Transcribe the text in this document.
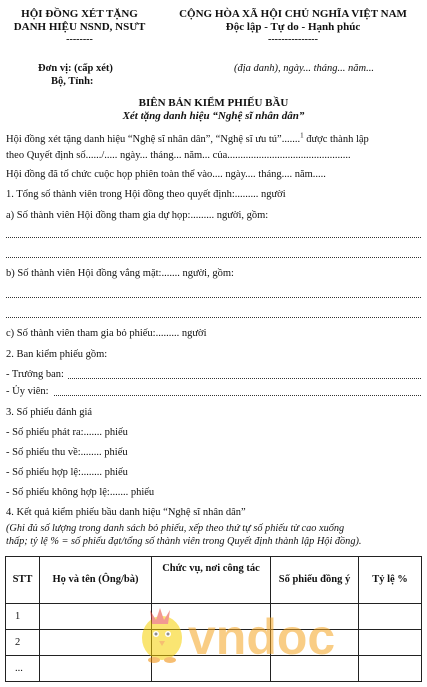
HỘI ĐỒNG XÉT TẶNG
DANH HIỆU NSND, NSƯT
--------
CỘNG HÒA XÃ HỘI CHỦ NGHĨA VIỆT NAM
Độc lập - Tự do - Hạnh phúc
---------------
Đơn vị: (cấp xét)
Bộ, Tỉnh:
(địa danh), ngày... tháng... năm...
BIÊN BẢN KIỂM PHIẾU BẦU
Xét tặng danh hiệu “Nghệ sĩ nhân dân”
Hội đồng xét tặng danh hiệu “Nghệ sĩ nhân dân”, “Nghệ sĩ ưu tú”.......$^1$ được thành lập
theo Quyết định số....../..... ngày... tháng... năm... của...............................................
Hội đồng đã tổ chức cuộc họp phiên toàn thể vào.... ngày.... tháng.... năm.....
1. Tổng số thành viên trong Hội đồng theo quyết định:......... người
a) Số thành viên Hội đồng tham gia dự họp:......... người, gồm:
b) Số thành viên Hội đồng vắng mặt:....... người, gồm:
c) Số thành viên tham gia bỏ phiếu:......... người
2. Ban kiểm phiếu gồm:
- Trưởng ban:
- Ủy viên:
3. Số phiếu đánh giá
- Số phiếu phát ra:....... phiếu
- Số phiếu thu về:........ phiếu
- Số phiếu hợp lệ:........ phiếu
- Số phiếu không hợp lệ:....... phiếu
4. Kết quả kiểm phiếu bầu danh hiệu “Nghệ sĩ nhân dân”
(Ghi đủ số lượng trong danh sách bỏ phiếu, xếp theo thứ tự số phiếu từ cao xuống
thấp; tỷ lệ % = số phiếu đạt/tổng số thành viên trong Quyết định thành lập Hội đồng).
STT	Họ và tên (Ông/bà)	Chức vụ, nơi công tác	Số phiếu đồng ý	Tỷ lệ %
1				
2				
...				
vndoc
